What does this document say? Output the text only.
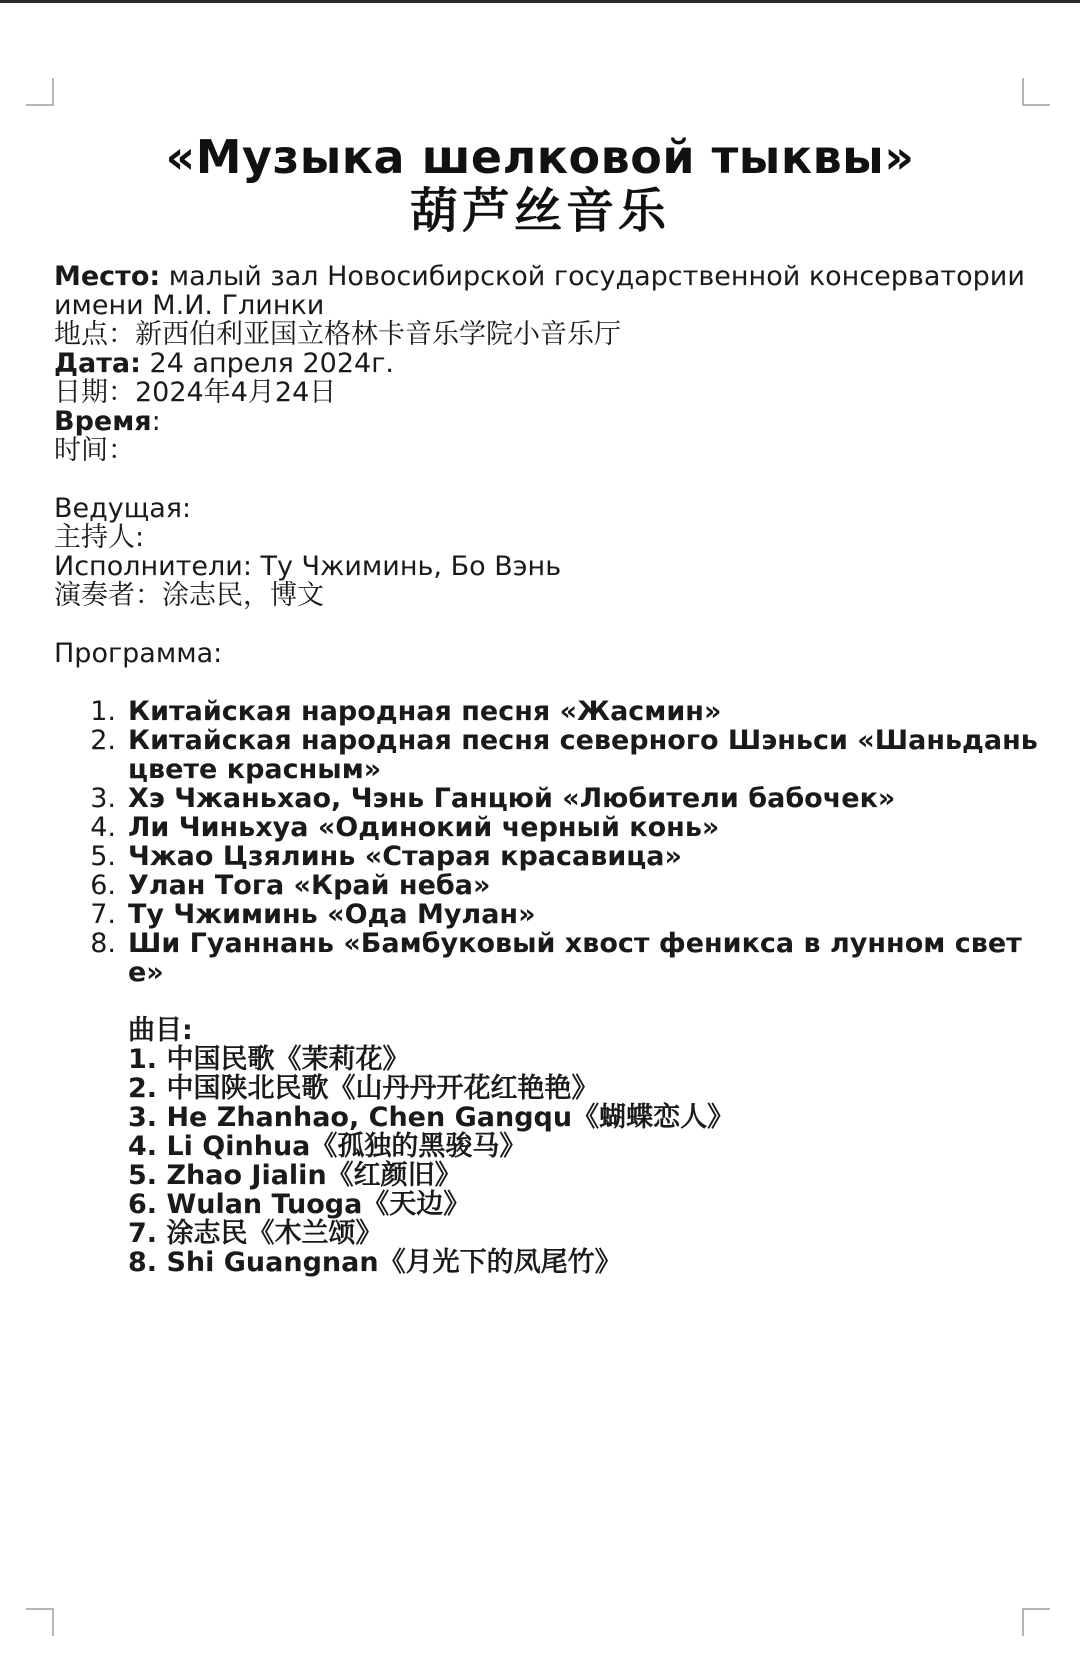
«Музыка шелковой тыквы»
葫芦丝音乐
Место: малый зал Новосибирской государственной консерватории имени М.И. Глинки
地点：新西伯利亚国立格林卡音乐学院小音乐厅
Дата: 24 апреля 2024г.
日期：2024年4月24日
Время:
时间：
Ведущая:
主持人:
Исполнители: Ту Чжиминь, Бо Вэнь
演奏者：涂志民，博文
Программа:
1. Китайская народная песня «Жасмин»
2. Китайская народная песня северного Шэньси «Шаньдань цвете красным»
3. Хэ Чжаньхао, Чэнь Ганцюй «Любители бабочек»
4. Ли Чиньхуа «Одинокий черный конь»
5. Чжао Цзялинь «Старая красавица»
6. Улан Тога «Край неба»
7. Ту Чжиминь «Ода Мулан»
8. Ши Гуаннань «Бамбуковый хвост феникса в лунном свете»
曲目:
1. 中国民歌《茉莉花》
2. 中国陕北民歌《山丹丹开花红艳艳》
3. He Zhanhao, Chen Gangqu《蝴蝶恋人》
4. Li Qinhua《孤独的黑骏马》
5. Zhao Jialin《红颜旧》
6. Wulan Tuoga《天边》
7. 涂志民《木兰颂》
8. Shi Guangnan《月光下的凤尾竹》
